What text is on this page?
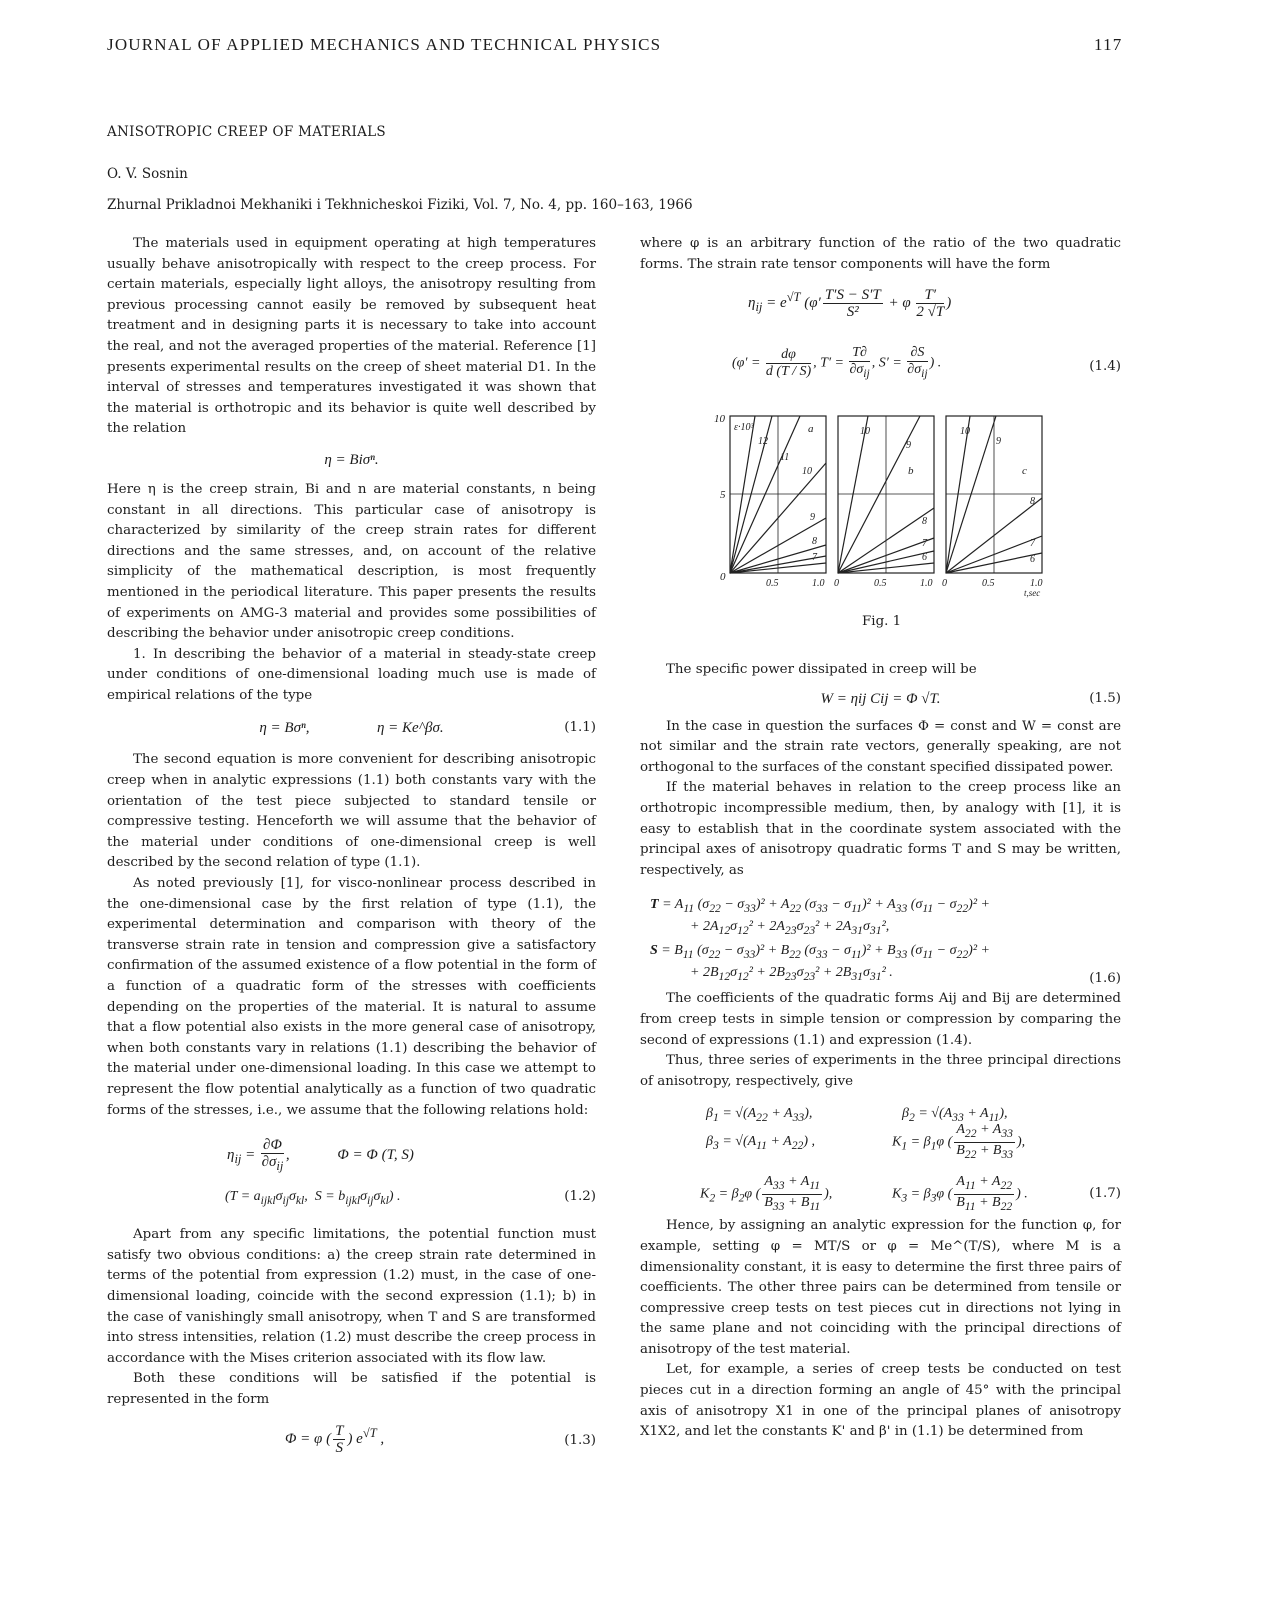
JOURNAL OF APPLIED MECHANICS AND TECHNICAL PHYSICS	117
ANISOTROPIC CREEP OF MATERIALS
O. V. Sosnin
Zhurnal Prikladnoi Mekhaniki i Tekhnicheskoi Fiziki, Vol. 7, No. 4, pp. 160–163, 1966

The materials used in equipment operating at high temperatures usually behave anisotropically with respect to the creep process. For certain materials, especially light alloys, the anisotropy resulting from previous processing cannot easily be removed by subsequent heat treatment and in designing parts it is necessary to take into account the real, and not the averaged properties of the material. Reference [1] presents experimental results on the creep of sheet material D1. In the interval of stresses and temperatures investigated it was shown that the material is orthotropic and its behavior is quite well described by the relation

η = Biσⁿ.

Here η is the creep strain, Bi and n are material constants, n being constant in all directions. This particular case of anisotropy is characterized by similarity of the creep strain rates for different directions and the same stresses, and, on account of the relative simplicity of the mathematical description, is most frequently mentioned in the periodical literature. This paper presents the results of experiments on AMG-3 material and provides some possibilities of describing the behavior under anisotropic creep conditions.

1. In describing the behavior of a material in steady-state creep under conditions of one-dimensional loading much use is made of empirical relations of the type

η = Bσⁿ,	η = Ke^βσ.	(1.1)

The second equation is more convenient for describing anisotropic creep when in analytic expressions (1.1) both constants vary with the orientation of the test piece subjected to standard tensile or compressive testing. Henceforth we will assume that the behavior of the material under conditions of one-dimensional creep is well described by the second relation of type (1.1).

As noted previously [1], for visco-nonlinear process described in the one-dimensional case by the first relation of type (1.1), the experimental determination and comparison with theory of the transverse strain rate in tension and compression give a satisfactory confirmation of the assumed existence of a flow potential in the form of a function of a quadratic form of the stresses with coefficients depending on the properties of the material. It is natural to assume that a flow potential also exists in the more general case of anisotropy, when both constants vary in relations (1.1) describing the behavior of the material under one-dimensional loading. In this case we attempt to represent the flow potential analytically as a function of two quadratic forms of the stresses, i.e., we assume that the following relations hold:

$\eta_{ij} = \frac{\partial\Phi}{\partial\sigma_{ij}}$ ,	Φ = Φ (T, S)
($T = a_{ijkl}\sigma_{ij}\sigma_{kl}$,  $S = b_{ijkl}\sigma_{ij}\sigma_{kl}$) .	(1.2)

Apart from any specific limitations, the potential function must satisfy two obvious conditions: a) the creep strain rate determined in terms of the potential from expression (1.2) must, in the case of one-dimensional loading, coincide with the second expression (1.1); b) in the case of vanishingly small anisotropy, when T and S are transformed into stress intensities, relation (1.2) must describe the creep process in accordance with the Mises criterion associated with its flow law.

Both these conditions will be satisfied if the potential is represented in the form

Φ = φ ( $\frac{T}{S}$ ) $e^{√T}$ ,	(1.3)

where φ is an arbitrary function of the ratio of the two quadratic forms. The strain rate tensor components will have the form

$\eta_{ij} = e^{√T}$ ($\varphi' \frac{T'S - S'T}{\text{S²}} + \varphi \frac{T'}{2 √T}$ )
($\varphi' = \frac{d\varphi}{d (T / S)}$ , $T' = \frac{T\partial}{\partial\sigma_{ij}}$ , $S' = \frac{\partial S}{\partial\sigma_{ij}}$ ) .	(1.4)
10
5
0
ε·10³	a
12
11
10
9
8
7
0.5	1.0
b
10
9
8
7
6
0	0.5	1.0
c
10
9
8
7
6
0	0.5	1.0
t,sec
Fig. 1

The specific power dissipated in creep will be

W = ηij Cij = Φ √T.	(1.5)

In the case in question the surfaces Φ = const and W = const are not similar and the strain rate vectors, generally speaking, are not orthogonal to the surfaces of the constant specified dissipated power.

If the material behaves in relation to the creep process like an orthotropic incompressible medium, then, by analogy with [1], it is easy to establish that in the coordinate system associated with the principal axes of anisotropy quadratic forms T and S may be written, respectively, as

$T = A_{11}$ $(\sigma_{22} - \sigma_{33})^2 + A_{22}$ $(\sigma_{33} - \sigma_{11})^2 + A_{33}$ $(\sigma_{11} - \sigma_{22})^2$ +
+ $2A_{12}\sigma_{12}^2 + 2A_{23}\sigma_{23}^2 + 2A_{31}\sigma_{31}^2$,
$S = B_{11}$ $(\sigma_{22} - \sigma_{33})^2 + B_{22}$ $(\sigma_{33} - \sigma_{11})^2 + B_{33}$ $(\sigma_{11} - \sigma_{22})^2$ +
+ $2B_{12}\sigma_{12}^2 + 2B_{23}\sigma_{23}^2 + 2B_{31}\sigma_{31}^2$ .	(1.6)

The coefficients of the quadratic forms Aij and Bij are determined from creep tests in simple tension or compression by comparing the second of expressions (1.1) and expression (1.4).

Thus, three series of experiments in the three principal directions of anisotropy, respectively, give

$\beta_1 = √(A_{22} + A_{33})$,	$\beta_2 = √(A_{33} + A_{11})$,
$\beta_3 = √(A_{11} + A_{22})$ ,	$K_1 = \beta_1\varphi$ ( $\frac{A_{22} + A_{33}}{B_{22} + B_{33}}$ ),
$K_2 = \beta_2\varphi$ ( $\frac{A_{33} + A_{11}}{B_{33} + B_{11}}$ ),	$K_3 = \beta_3\varphi$ ( $\frac{A_{11} + A_{22}}{B_{11} + B_{22}}$ ) .	(1.7)

Hence, by assigning an analytic expression for the function φ, for example, setting φ = MT/S or φ = Me^(T/S), where M is a dimensionality constant, it is easy to determine the first three pairs of coefficients. The other three pairs can be determined from tensile or compressive creep tests on test pieces cut in directions not lying in the same plane and not coinciding with the principal directions of anisotropy of the test material.

Let, for example, a series of creep tests be conducted on test pieces cut in a direction forming an angle of 45° with the principal axis of anisotropy X1 in one of the principal planes of anisotropy X1X2, and let the constants K' and β' in (1.1) be determined from
